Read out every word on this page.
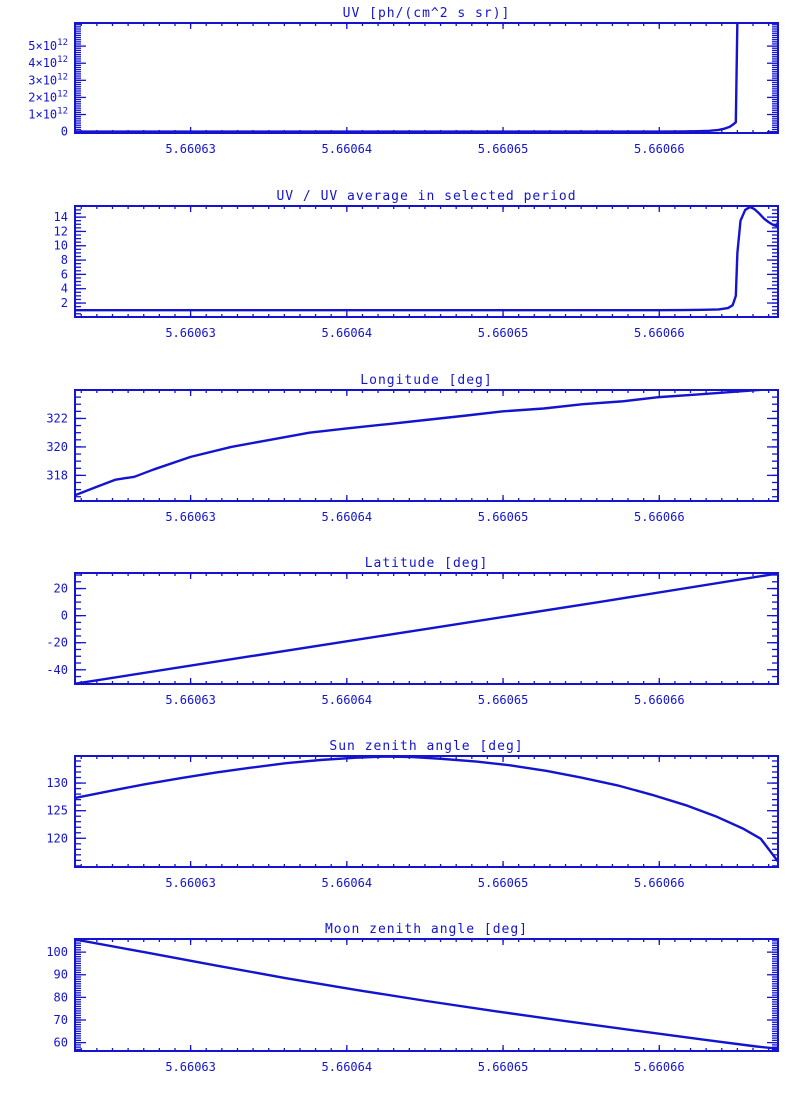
UV [ph/(cm^2 s sr)]
0
$1\times 10^{12}$
$2\times 10^{12}$
$3\times 10^{12}$
$4\times 10^{12}$
$5\times 10^{12}$
5.66063	5.66064	5.66065	5.66066
UV / UV average in selected period
2
4
6
8
10
12
14
5.66063	5.66064	5.66065	5.66066
Longitude [deg]
318
320
322
5.66063	5.66064	5.66065	5.66066
Latitude [deg]
-40
-20
0
20
5.66063	5.66064	5.66065	5.66066
Sun zenith angle [deg]
120
125
130
5.66063	5.66064	5.66065	5.66066
Moon zenith angle [deg]
60
70
80
90
100
5.66063	5.66064	5.66065	5.66066
